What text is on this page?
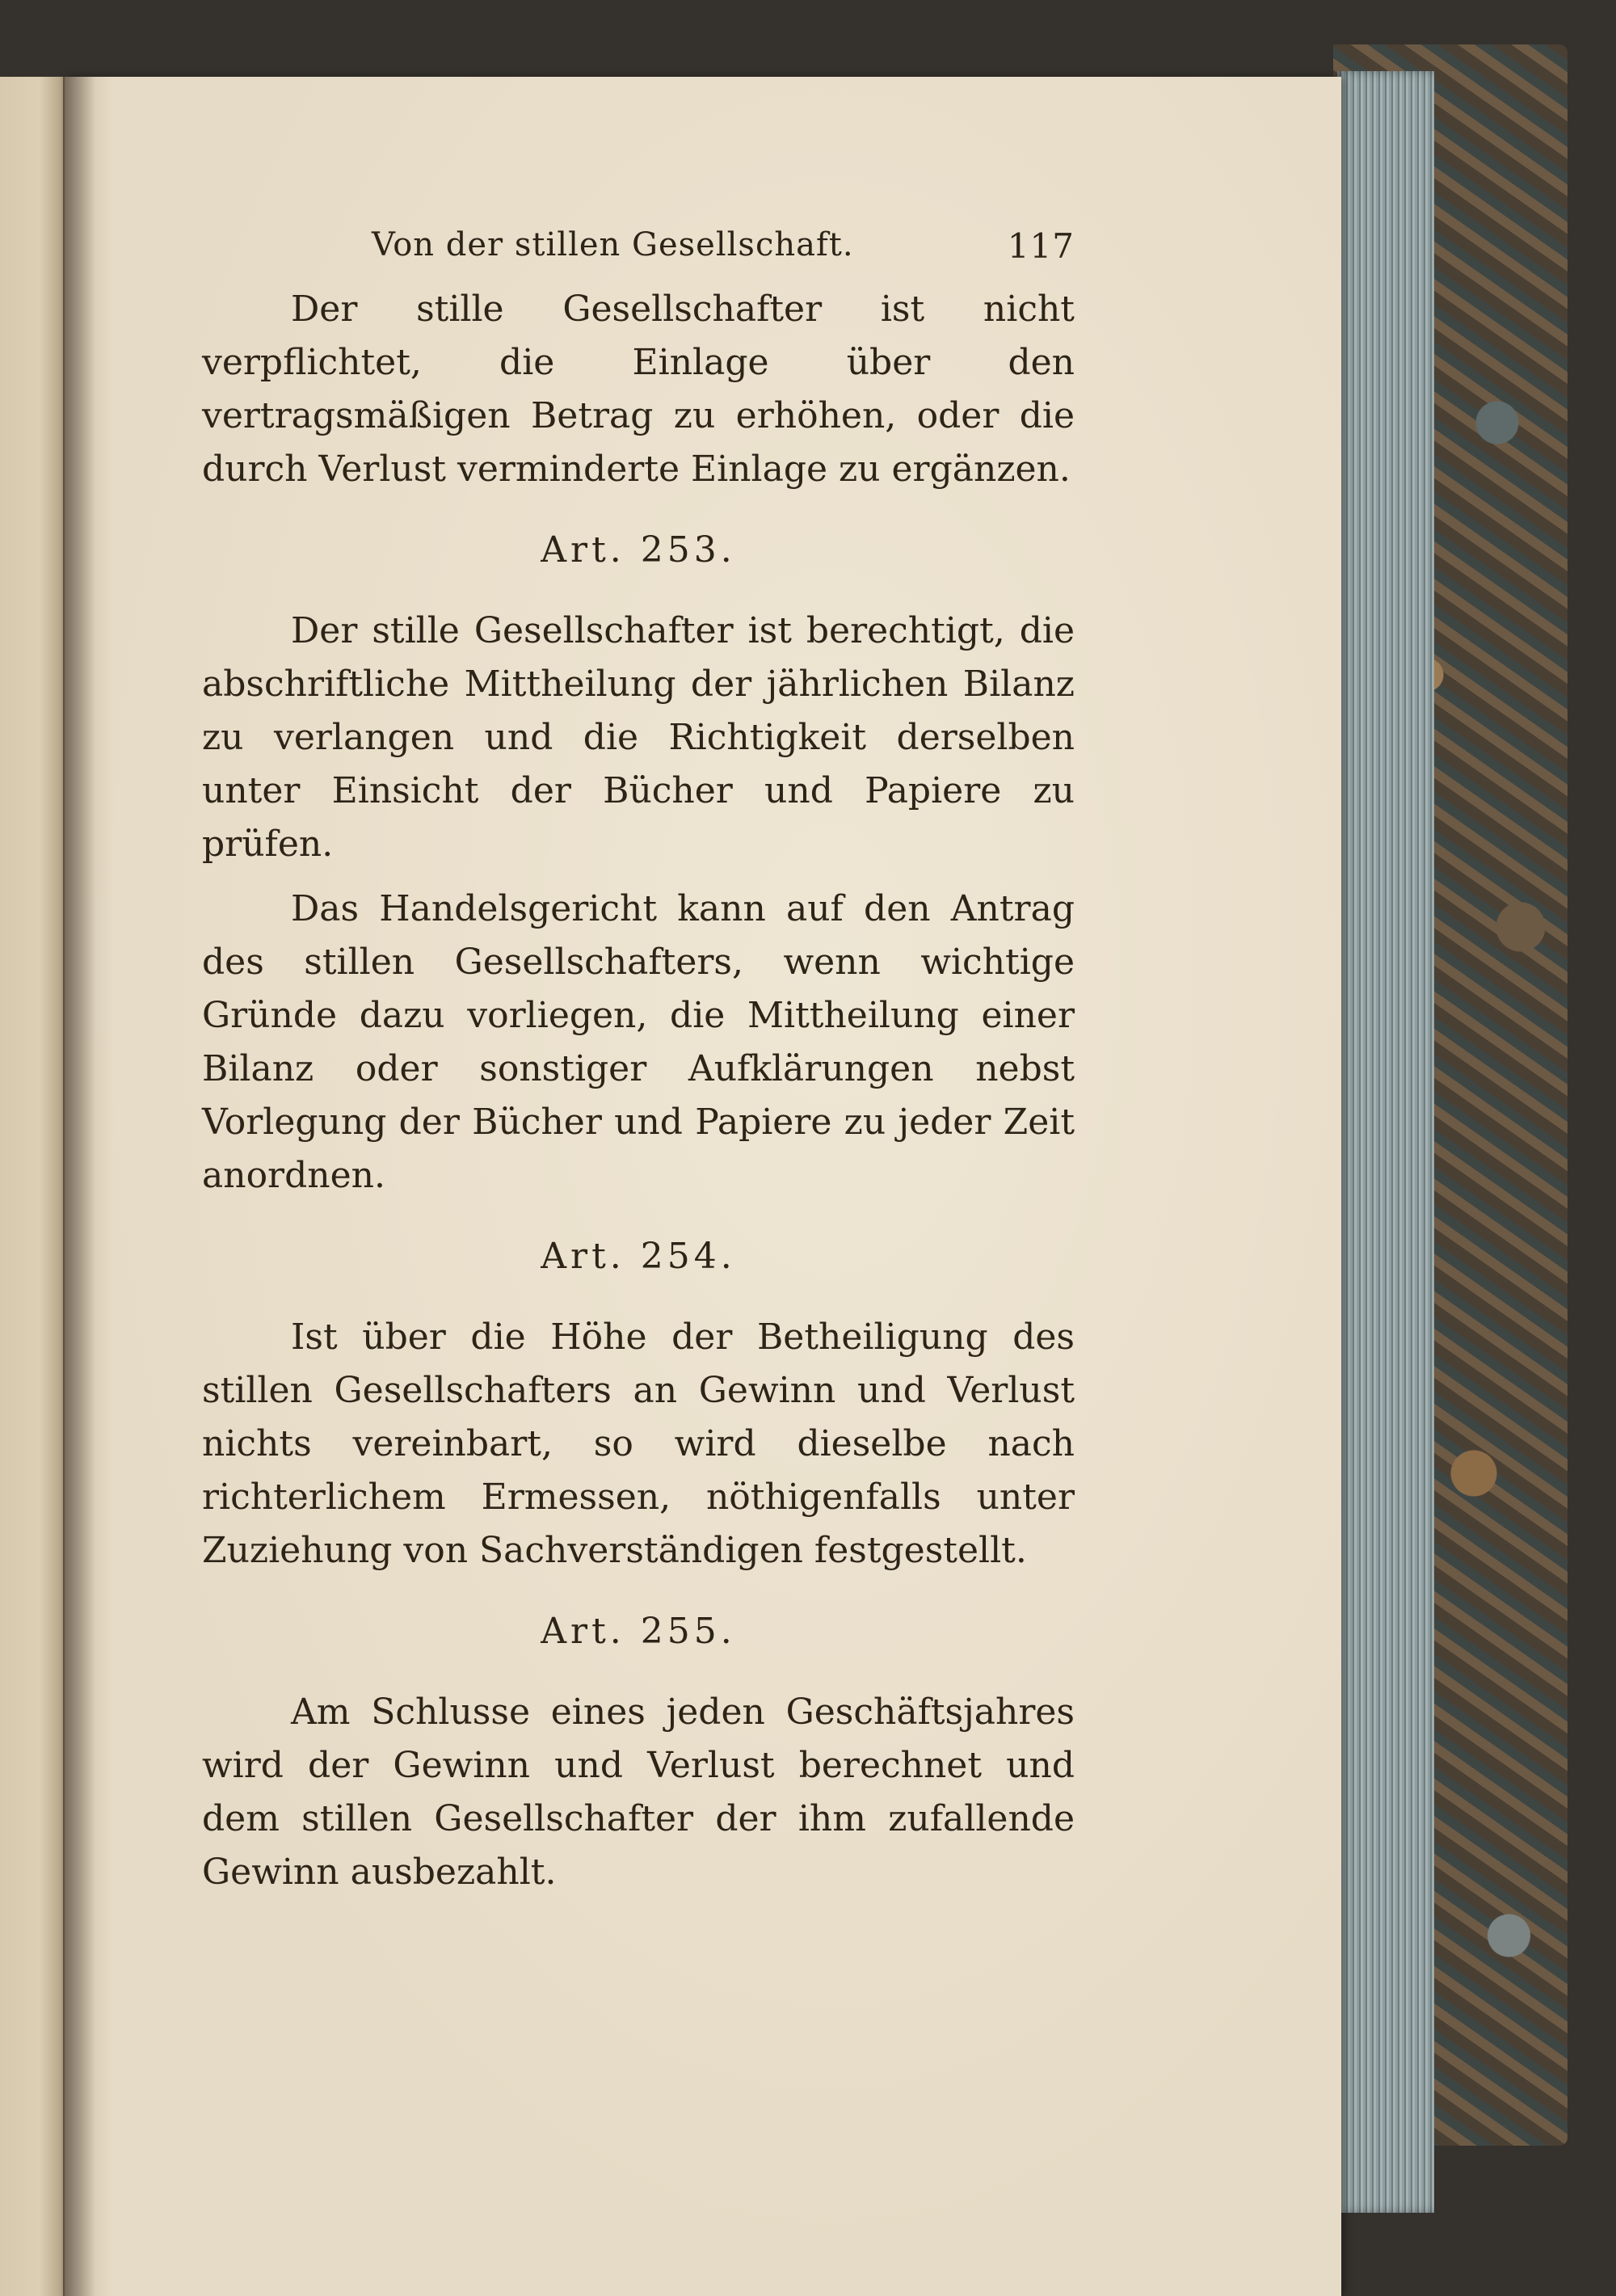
Von der stillen Gesellschaft.	117

Der stille Gesellschafter ist nicht verpflichtet, die Einlage über den vertragsmäßigen Betrag zu erhöhen, oder die durch Verlust verminderte Einlage zu ergänzen.

Art. 253.

Der stille Gesellschafter ist berechtigt, die abschriftliche Mittheilung der jährlichen Bilanz zu verlangen und die Richtigkeit derselben unter Einsicht der Bücher und Papiere zu prüfen.

Das Handelsgericht kann auf den Antrag des stillen Gesellschafters, wenn wichtige Gründe dazu vorliegen, die Mittheilung einer Bilanz oder sonstiger Aufklärungen nebst Vorlegung der Bücher und Papiere zu jeder Zeit anordnen.

Art. 254.

Ist über die Höhe der Betheiligung des stillen Gesellschafters an Gewinn und Verlust nichts vereinbart, so wird dieselbe nach richterlichem Ermessen, nöthigenfalls unter Zuziehung von Sachverständigen festgestellt.

Art. 255.

Am Schlusse eines jeden Geschäftsjahres wird der Gewinn und Verlust berechnet und dem stillen Gesellschafter der ihm zufallende Gewinn ausbezahlt.
